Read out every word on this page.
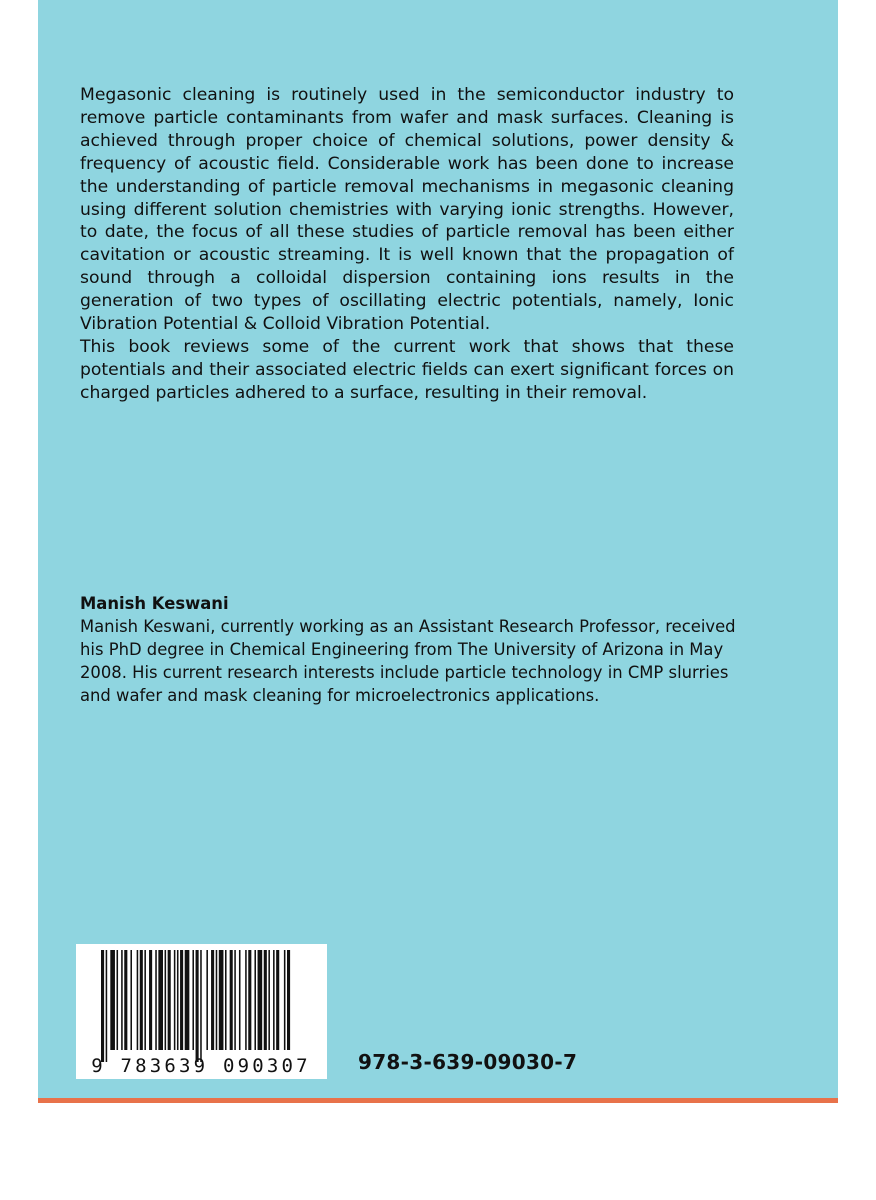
Megasonic cleaning is routinely used in the semiconductor industry to remove particle contaminants from wafer and mask surfaces. Cleaning is achieved through proper choice of chemical solutions, power density & frequency of acoustic field. Considerable work has been done to increase the understanding of particle removal mechanisms in megasonic cleaning using different solution chemistries with varying ionic strengths. However, to date, the focus of all these studies of particle removal has been either cavitation or acoustic streaming. It is well known that the propagation of sound through a colloidal dispersion containing ions results in the generation of two types of oscillating electric potentials, namely, Ionic Vibration Potential & Colloid Vibration Potential.

This book reviews some of the current work that shows that these potentials and their associated electric fields can exert significant forces on charged particles adhered to a surface, resulting in their removal.

Manish Keswani

Manish Keswani, currently working as an Assistant Research Professor, received his PhD degree in Chemical Engineering from The University of Arizona in May 2008. His current research interests include particle technology in CMP slurries and wafer and mask cleaning for microelectronics applications.

9 783639 090307 978-3-639-09030-7
